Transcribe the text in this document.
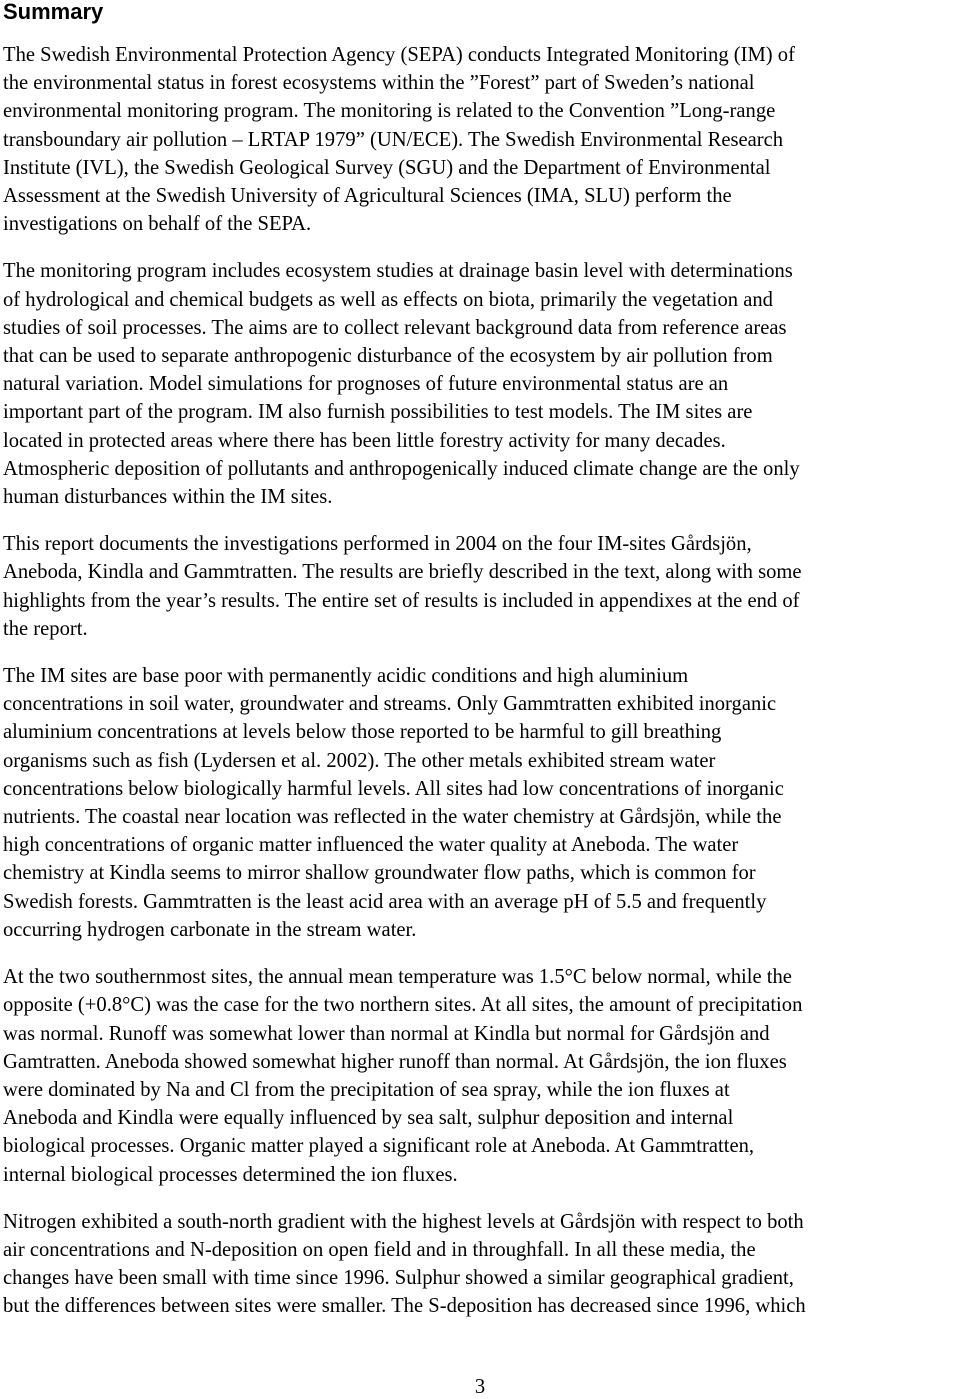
Summary

The Swedish Environmental Protection Agency (SEPA) conducts Integrated Monitoring (IM) of
the environmental status in forest ecosystems within the ”Forest” part of Sweden’s national
environmental monitoring program. The monitoring is related to the Convention ”Long-range
transboundary air pollution – LRTAP 1979” (UN/ECE). The Swedish Environmental Research
Institute (IVL), the Swedish Geological Survey (SGU) and the Department of Environmental
Assessment at the Swedish University of Agricultural Sciences (IMA, SLU) perform the
investigations on behalf of the SEPA.

The monitoring program includes ecosystem studies at drainage basin level with determinations
of hydrological and chemical budgets as well as effects on biota, primarily the vegetation and
studies of soil processes. The aims are to collect relevant background data from reference areas
that can be used to separate anthropogenic disturbance of the ecosystem by air pollution from
natural variation. Model simulations for prognoses of future environmental status are an
important part of the program. IM also furnish possibilities to test models. The IM sites are
located in protected areas where there has been little forestry activity for many decades.
Atmospheric deposition of pollutants and anthropogenically induced climate change are the only
human disturbances within the IM sites.

This report documents the investigations performed in 2004 on the four IM-sites Gårdsjön,
Aneboda, Kindla and Gammtratten. The results are briefly described in the text, along with some
highlights from the year’s results. The entire set of results is included in appendixes at the end of
the report.

The IM sites are base poor with permanently acidic conditions and high aluminium
concentrations in soil water, groundwater and streams. Only Gammtratten exhibited inorganic
aluminium concentrations at levels below those reported to be harmful to gill breathing
organisms such as fish (Lydersen et al. 2002). The other metals exhibited stream water
concentrations below biologically harmful levels. All sites had low concentrations of inorganic
nutrients. The coastal near location was reflected in the water chemistry at Gårdsjön, while the
high concentrations of organic matter influenced the water quality at Aneboda. The water
chemistry at Kindla seems to mirror shallow groundwater flow paths, which is common for
Swedish forests. Gammtratten is the least acid area with an average pH of 5.5 and frequently
occurring hydrogen carbonate in the stream water.

At the two southernmost sites, the annual mean temperature was 1.5°C below normal, while the
opposite (+0.8°C) was the case for the two northern sites. At all sites, the amount of precipitation
was normal. Runoff was somewhat lower than normal at Kindla but normal for Gårdsjön and
Gamtratten. Aneboda showed somewhat higher runoff than normal. At Gårdsjön, the ion fluxes
were dominated by Na and Cl from the precipitation of sea spray, while the ion fluxes at
Aneboda and Kindla were equally influenced by sea salt, sulphur deposition and internal
biological processes. Organic matter played a significant role at Aneboda. At Gammtratten,
internal biological processes determined the ion fluxes.

Nitrogen exhibited a south-north gradient with the highest levels at Gårdsjön with respect to both
air concentrations and N-deposition on open field and in throughfall. In all these media, the
changes have been small with time since 1996. Sulphur showed a similar geographical gradient,
but the differences between sites were smaller. The S-deposition has decreased since 1996, which

3
